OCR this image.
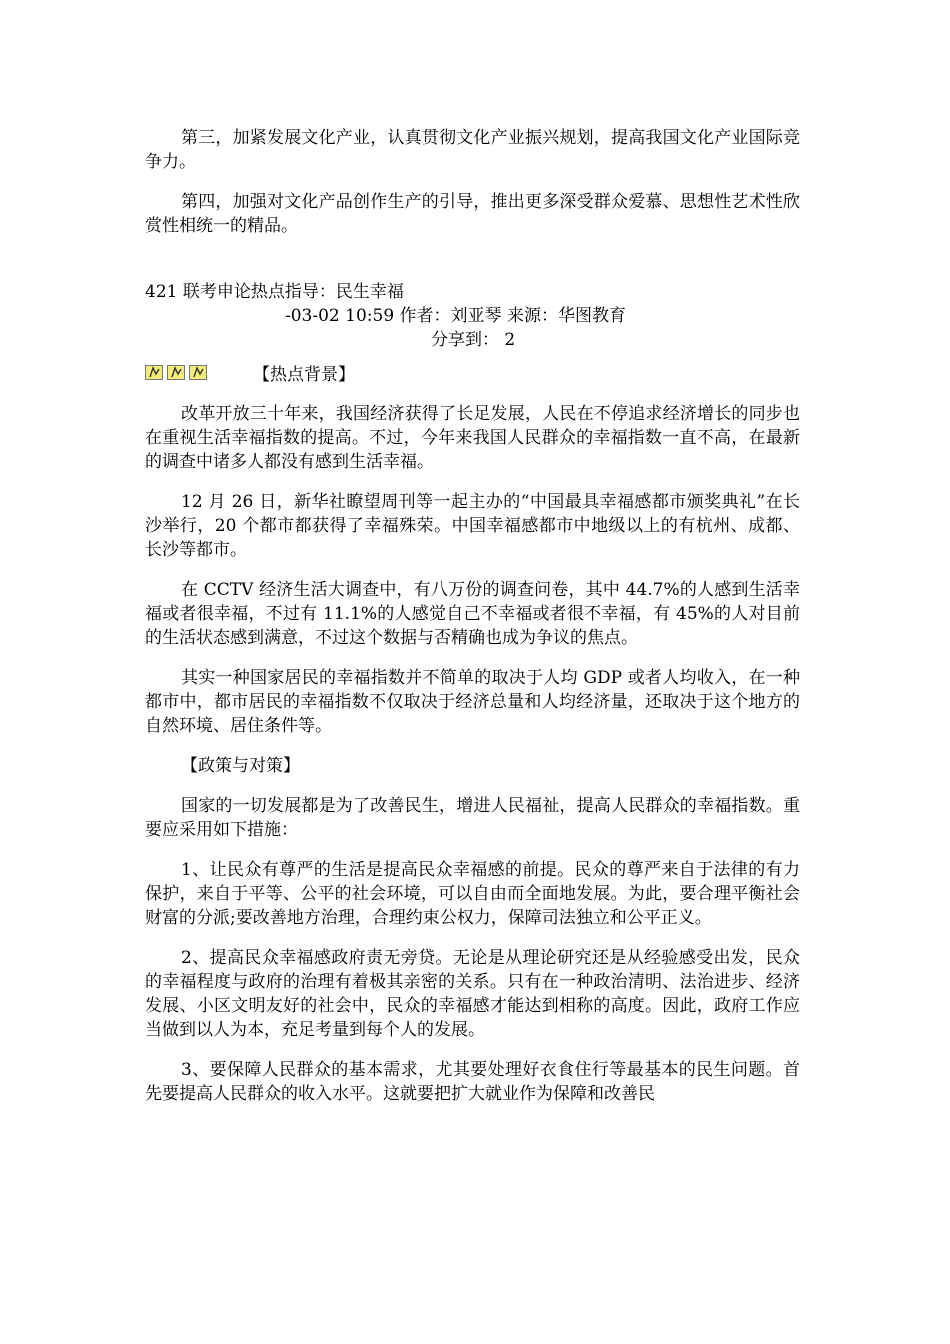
第三，加紧发展文化产业，认真贯彻文化产业振兴规划，提高我国文化产业国际竞争力。

第四，加强对文化产品创作生产的引导，推出更多深受群众爱慕、思想性艺术性欣赏性相统一的精品。

421 联考申论热点指导：民生幸福

-03-02 10:59 作者：刘亚琴 来源：华图教育

分享到： 2

【热点背景】

改革开放三十年来，我国经济获得了长足发展，人民在不停追求经济增长的同步也在重视生活幸福指数的提高。不过，今年来我国人民群众的幸福指数一直不高，在最新的调查中诸多人都没有感到生活幸福。

12 月 26 日，新华社瞭望周刊等一起主办的“中国最具幸福感都市颁奖典礼”在长沙举行，20 个都市都获得了幸福殊荣。中国幸福感都市中地级以上的有杭州、成都、长沙等都市。

在 CCTV 经济生活大调查中，有八万份的调查问卷，其中 44.7%的人感到生活幸福或者很幸福，不过有 11.1%的人感觉自己不幸福或者很不幸福，有 45%的人对目前的生活状态感到满意，不过这个数据与否精确也成为争议的焦点。

其实一种国家居民的幸福指数并不简单的取决于人均 GDP 或者人均收入，在一种都市中，都市居民的幸福指数不仅取决于经济总量和人均经济量，还取决于这个地方的自然环境、居住条件等。

【政策与对策】

国家的一切发展都是为了改善民生，增进人民福祉，提高人民群众的幸福指数。重要应采用如下措施：

1、让民众有尊严的生活是提高民众幸福感的前提。民众的尊严来自于法律的有力保护，来自于平等、公平的社会环境，可以自由而全面地发展。为此，要合理平衡社会财富的分派;要改善地方治理，合理约束公权力，保障司法独立和公平正义。

2、提高民众幸福感政府责无旁贷。无论是从理论研究还是从经验感受出发，民众的幸福程度与政府的治理有着极其亲密的关系。只有在一种政治清明、法治进步、经济发展、小区文明友好的社会中，民众的幸福感才能达到相称的高度。因此，政府工作应当做到以人为本，充足考量到每个人的发展。

3、要保障人民群众的基本需求，尤其要处理好衣食住行等最基本的民生问题。首先要提高人民群众的收入水平。这就要把扩大就业作为保障和改善民
